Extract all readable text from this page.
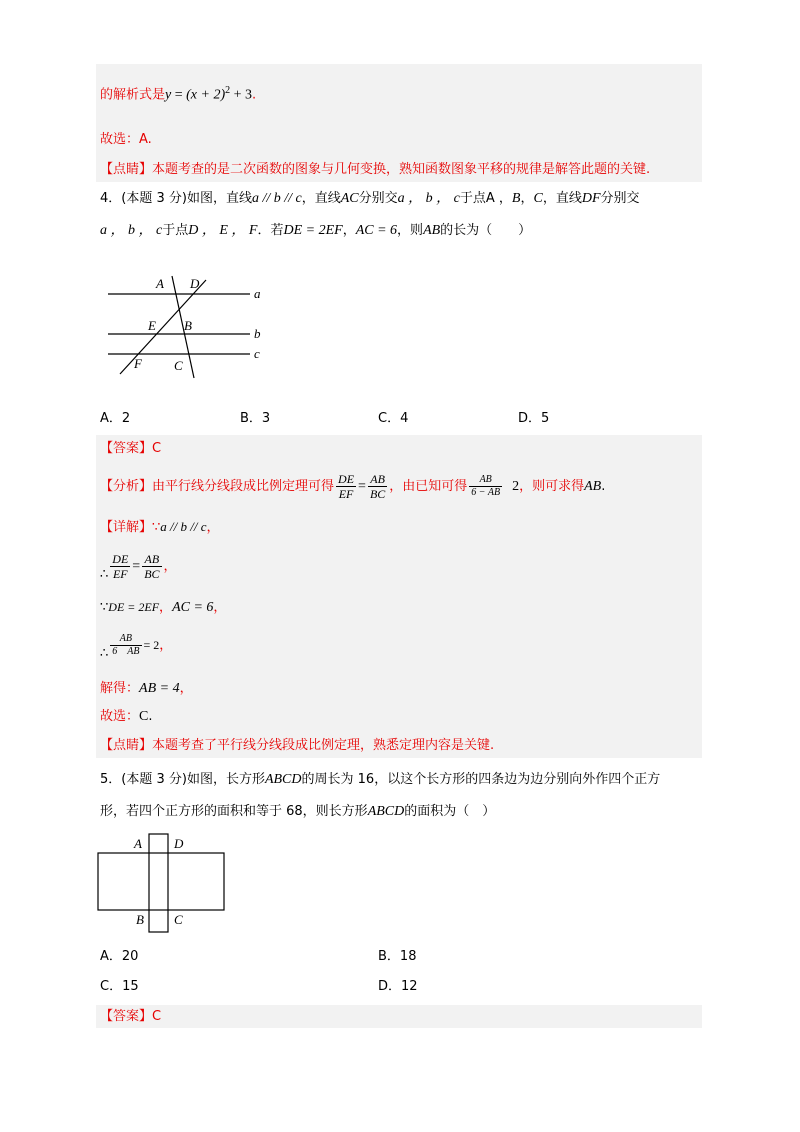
的解析式是$y = (x + 2)^2 + 3$.
故选：A.
【点睛】本题考查的是二次函数的图象与几何变换，熟知函数图象平移的规律是解答此题的关键.
4．(本题 3 分)如图，直线a // b // c，直线AC分别交a ， b ， c于点A ，B，C，直线DF分别交
a ， b ， c于点D ， E ， F．若DE = 2EF，AC = 6，则AB的长为（　　）
A D
a
E B
b
F C
c
A．2	B．3	C．4	D．5
【答案】C
【分析】由平行线分线段成比例定理可得 $\frac{DE}{EF} = \frac{AB}{BC}$ ，由已知可得 $\frac{AB}{6 - AB} 2$，则可求得AB.
【详解】∵a // b // c，
∴ $\frac{DE}{EF} = \frac{AB}{BC}$ ，
∵DE = 2EF，AC = 6，
∴ $\frac{AB}{6 AB} = 2$，
解得：AB = 4，
故选：C.
【点睛】本题考查了平行线分线段成比例定理，熟悉定理内容是关键.
5．(本题 3 分)如图，长方形ABCD的周长为 16，以这个长方形的四条边为边分别向外作四个正方
形，若四个正方形的面积和等于 68，则长方形ABCD的面积为（　）
A D
B C
A．20	B．18
C．15	D．12
【答案】C
